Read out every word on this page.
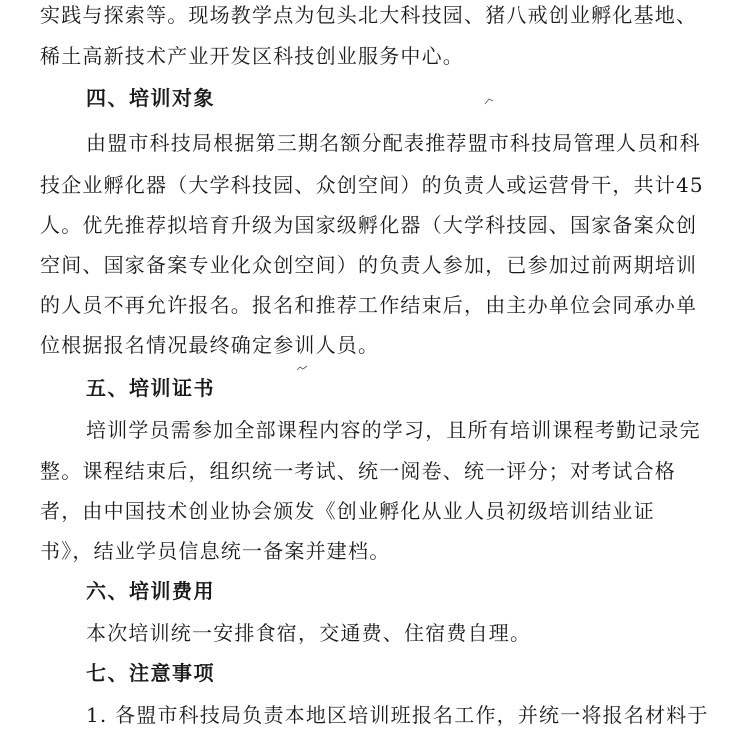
实践与探索等。现场教学点为包头北大科技园、猪八戒创业孵化基地、
稀土高新技术产业开发区科技创业服务中心。
四、培训对象
由盟市科技局根据第三期名额分配表推荐盟市科技局管理人员和科
技企业孵化器（大学科技园、众创空间）的负责人或运营骨干，共计45
人。优先推荐拟培育升级为国家级孵化器（大学科技园、国家备案众创
空间、国家备案专业化众创空间）的负责人参加，已参加过前两期培训
的人员不再允许报名。报名和推荐工作结束后，由主办单位会同承办单
位根据报名情况最终确定参训人员。
五、培训证书
培训学员需参加全部课程内容的学习，且所有培训课程考勤记录完
整。课程结束后，组织统一考试、统一阅卷、统一评分；对考试合格
者，由中国技术创业协会颁发《创业孵化从业人员初级培训结业证
书》，结业学员信息统一备案并建档。
六、培训费用
本次培训统一安排食宿，交通费、住宿费自理。
七、注意事项
1. 各盟市科技局负责本地区培训班报名工作，并统一将报名材料于
